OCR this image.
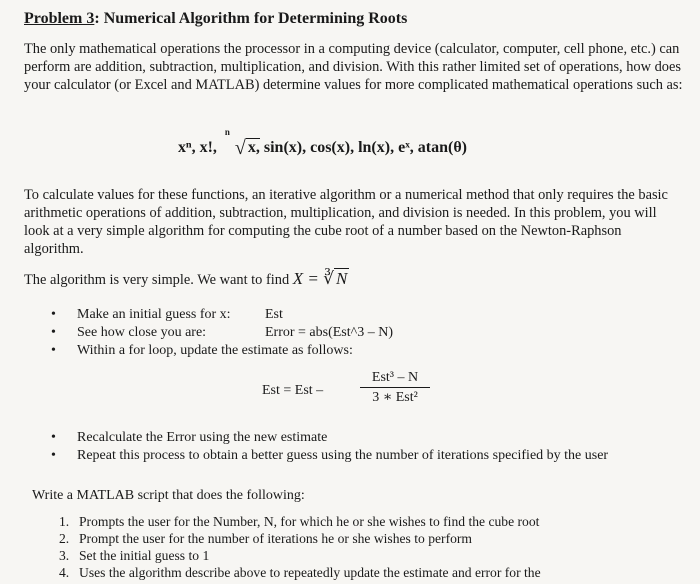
Problem 3: Numerical Algorithm for Determining Roots
The only mathematical operations the processor in a computing device (calculator, computer, cell phone, etc.) can perform are addition, subtraction, multiplication, and division. With this rather limited set of operations, how does your calculator (or Excel and MATLAB) determine values for more complicated mathematical operations such as:
xⁿ, x!,
n
√ x, sin(x), cos(x), ln(x), eˣ, atan(θ)
To calculate values for these functions, an iterative algorithm or a numerical method that only requires the basic arithmetic operations of addition, subtraction, multiplication, and division is needed. In this problem, you will look at a very simple algorithm for computing the cube root of a number based on the Newton-Raphson algorithm.
The algorithm is very simple. We want to find X = ∛ N
• Make an initial guess for x: Est
• See how close you are:	Error = abs(Est^3 – N)
• Within a for loop, update the estimate as follows:
Est = Est –
Est³ – N
3 ∗ Est²
• Recalculate the Error using the new estimate
• Repeat this process to obtain a better guess using the number of iterations specified by the user
Write a MATLAB script that does the following:
1. Prompts the user for the Number, N, for which he or she wishes to find the cube root
2. Prompt the user for the number of iterations he or she wishes to perform
3. Set the initial guess to 1
4. Uses the algorithm describe above to repeatedly update the estimate and error for the
